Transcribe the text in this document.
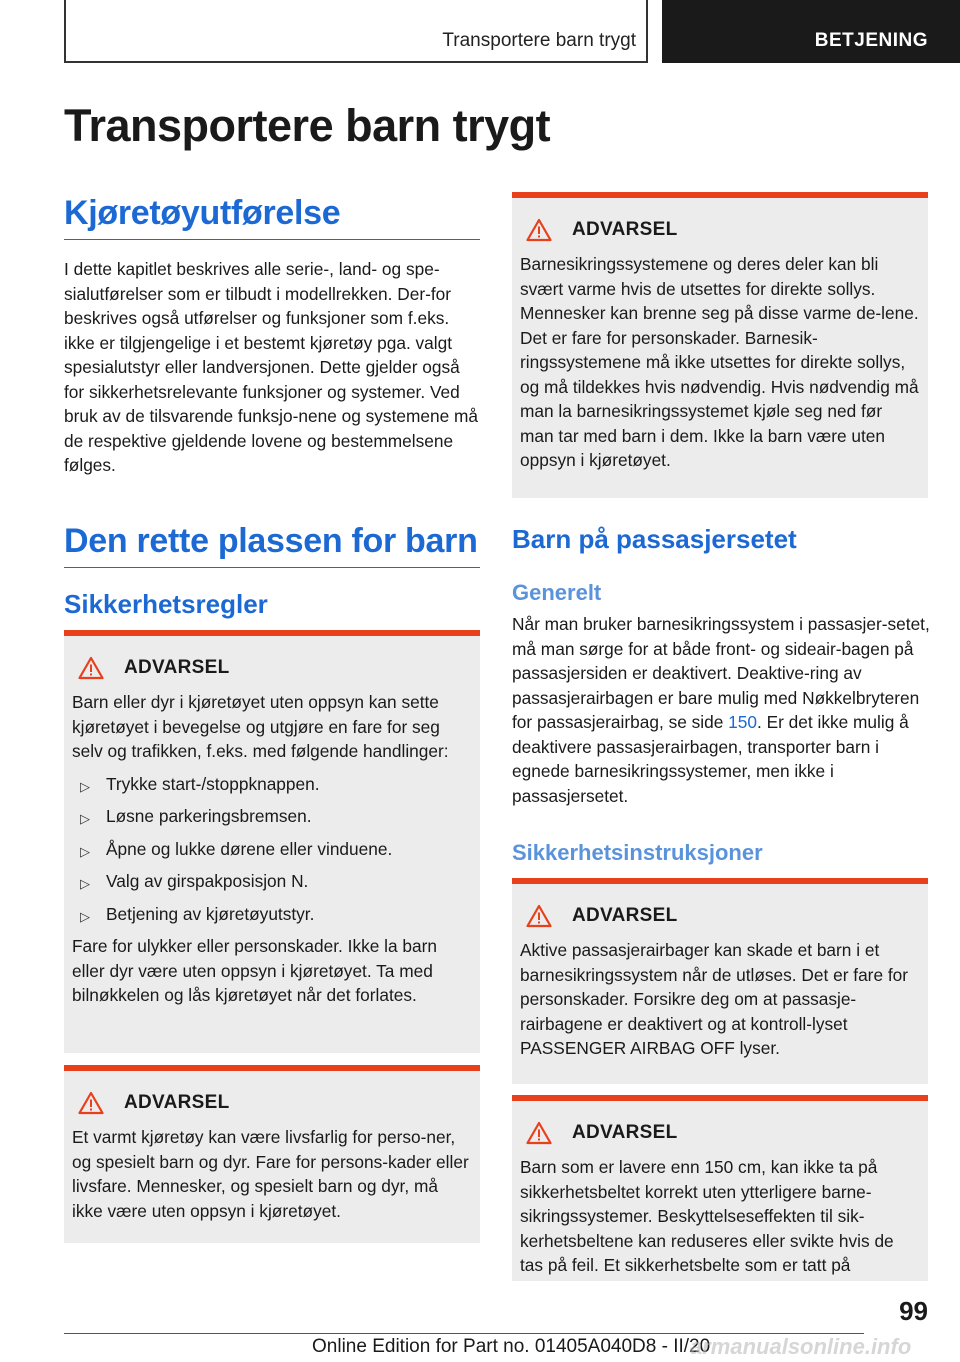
Transportere barn trygt	BETJENING
Transportere barn trygt
Kjøretøyutførelse

I dette kapitlet beskrives alle serie-, land- og spe-sialutførelser som er tilbudt i modellrekken. Der-for beskrives også utførelser og funksjoner som f.eks. ikke er tilgjengelige i et bestemt kjøretøy pga. valgt spesialutstyr eller landversjonen. Dette gjelder også for sikkerhetsrelevante funksjoner og systemer. Ved bruk av de tilsvarende funksjo-nene og systemene må de respektive gjeldende lovene og bestemmelsene følges.

Den rette plassen for barn
Sikkerhetsregler
ADVARSEL

Barn eller dyr i kjøretøyet uten oppsyn kan sette kjøretøyet i bevegelse og utgjøre en fare for seg selv og trafikken, f.eks. med følgende handlinger:

▷ Trykke start-/stoppknappen.
▷ Løsne parkeringsbremsen.
▷ Åpne og lukke dørene eller vinduene.
▷ Valg av girspakposisjon N.
▷ Betjening av kjøretøyutstyr.

Fare for ulykker eller personskader. Ikke la barn eller dyr være uten oppsyn i kjøretøyet. Ta med bilnøkkelen og lås kjøretøyet når det forlates.

ADVARSEL

Et varmt kjøretøy kan være livsfarlig for perso-ner, og spesielt barn og dyr. Fare for persons-kader eller livsfare. Mennesker, og spesielt barn og dyr, må ikke være uten oppsyn i kjøretøyet.

ADVARSEL

Barnesikringssystemene og deres deler kan bli svært varme hvis de utsettes for direkte sollys. Mennesker kan brenne seg på disse varme de-lene. Det er fare for personskader. Barnesik-ringssystemene må ikke utsettes for direkte sollys, og må tildekkes hvis nødvendig. Hvis nødvendig må man la barnesikringssystemet kjøle seg ned før man tar med barn i dem. Ikke la barn være uten oppsyn i kjøretøyet.

Barn på passasjersetet
Generelt

Når man bruker barnesikringssystem i passasjer-setet, må man sørge for at både front- og sideair-bagen på passasjersiden er deaktivert. Deaktive-ring av passasjerairbagen er bare mulig med Nøkkelbryteren for passasjerairbag, se side 150. Er det ikke mulig å deaktivere passasjerairbagen, transporter barn i egnede barnesikringssystemer, men ikke i passasjersetet.

Sikkerhetsinstruksjoner
ADVARSEL

Aktive passasjerairbager kan skade et barn i et barnesikringssystem når de utløses. Det er fare for personskader. Forsikre deg om at passasje-rairbagene er deaktivert og at kontroll-lyset PASSENGER AIRBAG OFF lyser.

ADVARSEL

Barn som er lavere enn 150 cm, kan ikke ta på sikkerhetsbeltet korrekt uten ytterligere barne-sikringssystemer. Beskyttelseseffekten til sik-kerhetsbeltene kan reduseres eller svikte hvis de tas på feil. Et sikkerhetsbelte som er tatt på

99
Online Edition for Part no. 01405A040D8 - II/20
armanualsonline.info
